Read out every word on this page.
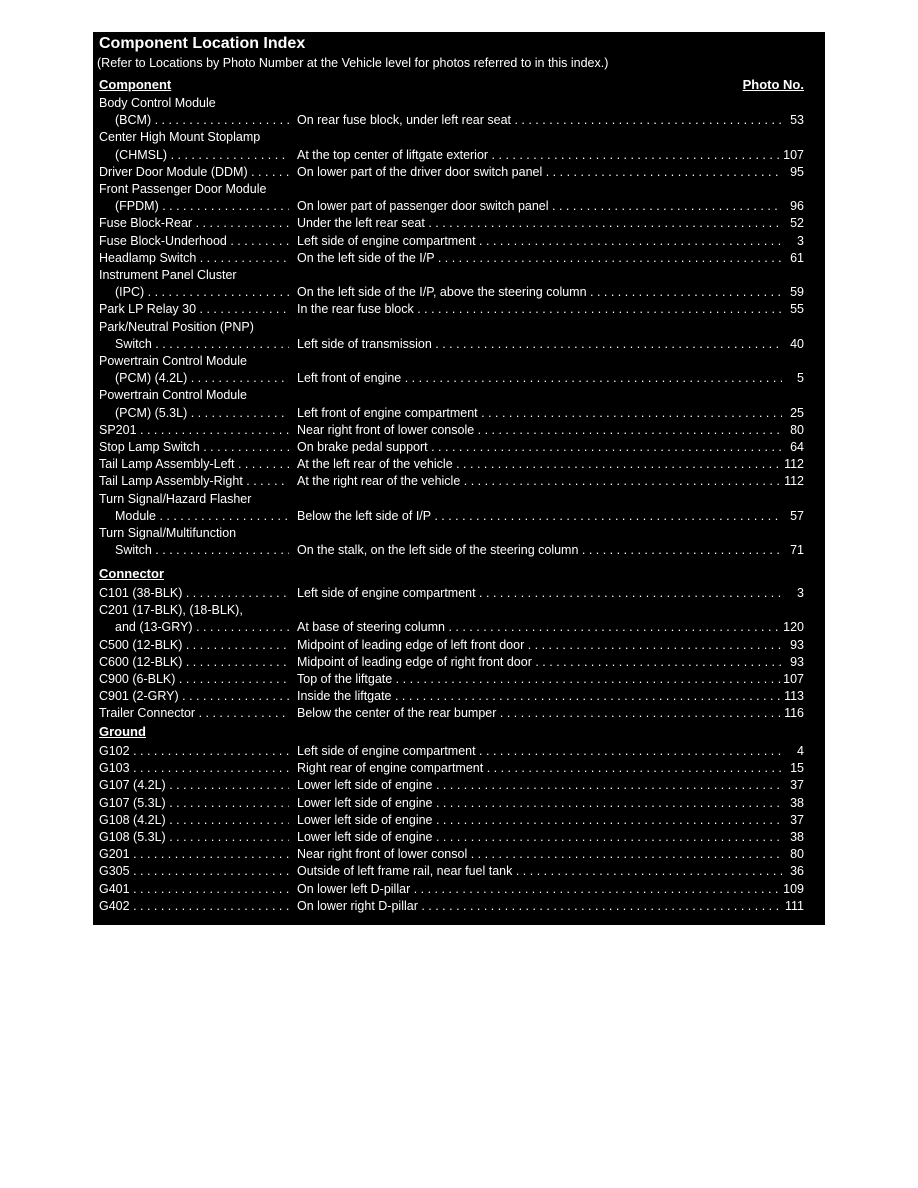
Component Location Index
(Refer to Locations by Photo Number at the Vehicle level for photos referred to in this index.)
Component	Photo No.
Body Control Module
(BCM) . . .	On rear fuse block, under left rear seat . . .	53
Center High Mount Stoplamp
(CHMSL) . . .	At the top center of liftgate exterior . . .	107
Driver Door Module (DDM) . . .	On lower part of the driver door switch panel . . .	95
Front Passenger Door Module
(FPDM) . . .	On lower part of passenger door switch panel . . .	96
Fuse Block-Rear . . .	Under the left rear seat . . .	52
Fuse Block-Underhood . . .	Left side of engine compartment . . .	3
Headlamp Switch . . .	On the left side of the I/P . . .	61
Instrument Panel Cluster
(IPC) . . .	On the left side of the I/P, above the steering column . . .	59
Park LP Relay 30 . . .	In the rear fuse block . . .	55
Park/Neutral Position (PNP)
Switch . . .	Left side of transmission . . .	40
Powertrain Control Module
(PCM) (4.2L) . . .	Left front of engine . . .	5
Powertrain Control Module
(PCM) (5.3L) . . .	Left front of engine compartment . . .	25
SP201 . . .	Near right front of lower console . . .	80
Stop Lamp Switch . . .	On brake pedal support . . .	64
Tail Lamp Assembly-Left . . .	At the left rear of the vehicle . . .	112
Tail Lamp Assembly-Right . . .	At the right rear of the vehicle . . .	112
Turn Signal/Hazard Flasher
Module . . .	Below the left side of I/P . . .	57
Turn Signal/Multifunction
Switch . . .	On the stalk, on the left side of the steering column . . .	71
Connector
C101 (38-BLK) . . .	Left side of engine compartment . . .	3
C201 (17-BLK), (18-BLK),
and (13-GRY) . . .	At base of steering column . . .	120
C500 (12-BLK) . . .	Midpoint of leading edge of left front door . . .	93
C600 (12-BLK) . . .	Midpoint of leading edge of right front door . . .	93
C900 (6-BLK) . . .	Top of the liftgate . . .	107
C901 (2-GRY) . . .	Inside the liftgate . . .	113
Trailer Connector . . .	Below the center of the rear bumper . . .	116
Ground
G102 . . .	Left side of engine compartment . . .	4
G103 . . .	Right rear of engine compartment . . .	15
G107 (4.2L) . . .	Lower left side of engine . . .	37
G107 (5.3L) . . .	Lower left side of engine . . .	38
G108 (4.2L) . . .	Lower left side of engine . . .	37
G108 (5.3L) . . .	Lower left side of engine . . .	38
G201 . . .	Near right front of lower consol . . .	80
G305 . . .	Outside of left frame rail, near fuel tank . . .	36
G401 . . .	On lower left D-pillar . . .	109
G402 . . .	On lower right D-pillar . . .	111
